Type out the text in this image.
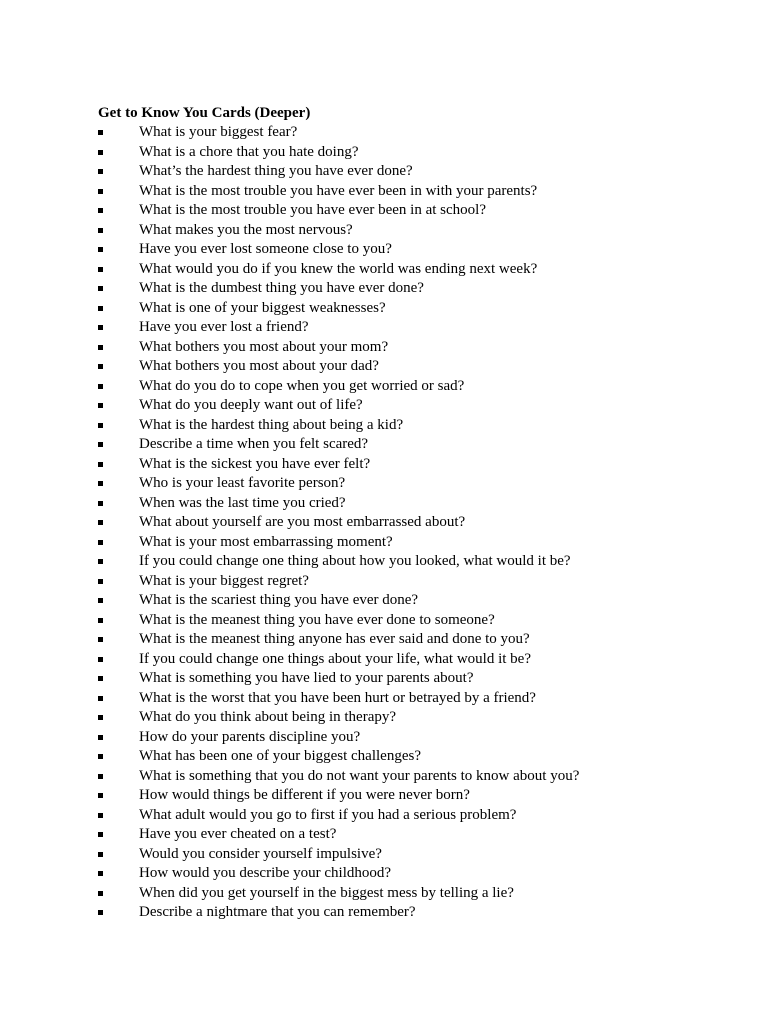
Get to Know You Cards (Deeper)
What is your biggest fear?
What is a chore that you hate doing?
What’s the hardest thing you have ever done?
What is the most trouble you have ever been in with your parents?
What is the most trouble you have ever been in at school?
What makes you the most nervous?
Have you ever lost someone close to you?
What would you do if you knew the world was ending next week?
What is the dumbest thing you have ever done?
What is one of your biggest weaknesses?
Have you ever lost a friend?
What bothers you most about your mom?
What bothers you most about your dad?
What do you do to cope when you get worried or sad?
What do you deeply want out of life?
What is the hardest thing about being a kid?
Describe a time when you felt scared?
What is the sickest you have ever felt?
Who is your least favorite person?
When was the last time you cried?
What about yourself are you most embarrassed about?
What is your most embarrassing moment?
If you could change one thing about how you looked, what would it be?
What is your biggest regret?
What is the scariest thing you have ever done?
What is the meanest thing you have ever done to someone?
What is the meanest thing anyone has ever said and done to you?
If you could change one things about your life, what would it be?
What is something you have lied to your parents about?
What is the worst that you have been hurt or betrayed by a friend?
What do you think about being in therapy?
How do your parents discipline you?
What has been one of your biggest challenges?
What is something that you do not want your parents to know about you?
How would things be different if you were never born?
What adult would you go to first if you had a serious problem?
Have you ever cheated on a test?
Would you consider yourself impulsive?
How would you describe your childhood?
When did you get yourself in the biggest mess by telling a lie?
Describe a nightmare that you can remember?
